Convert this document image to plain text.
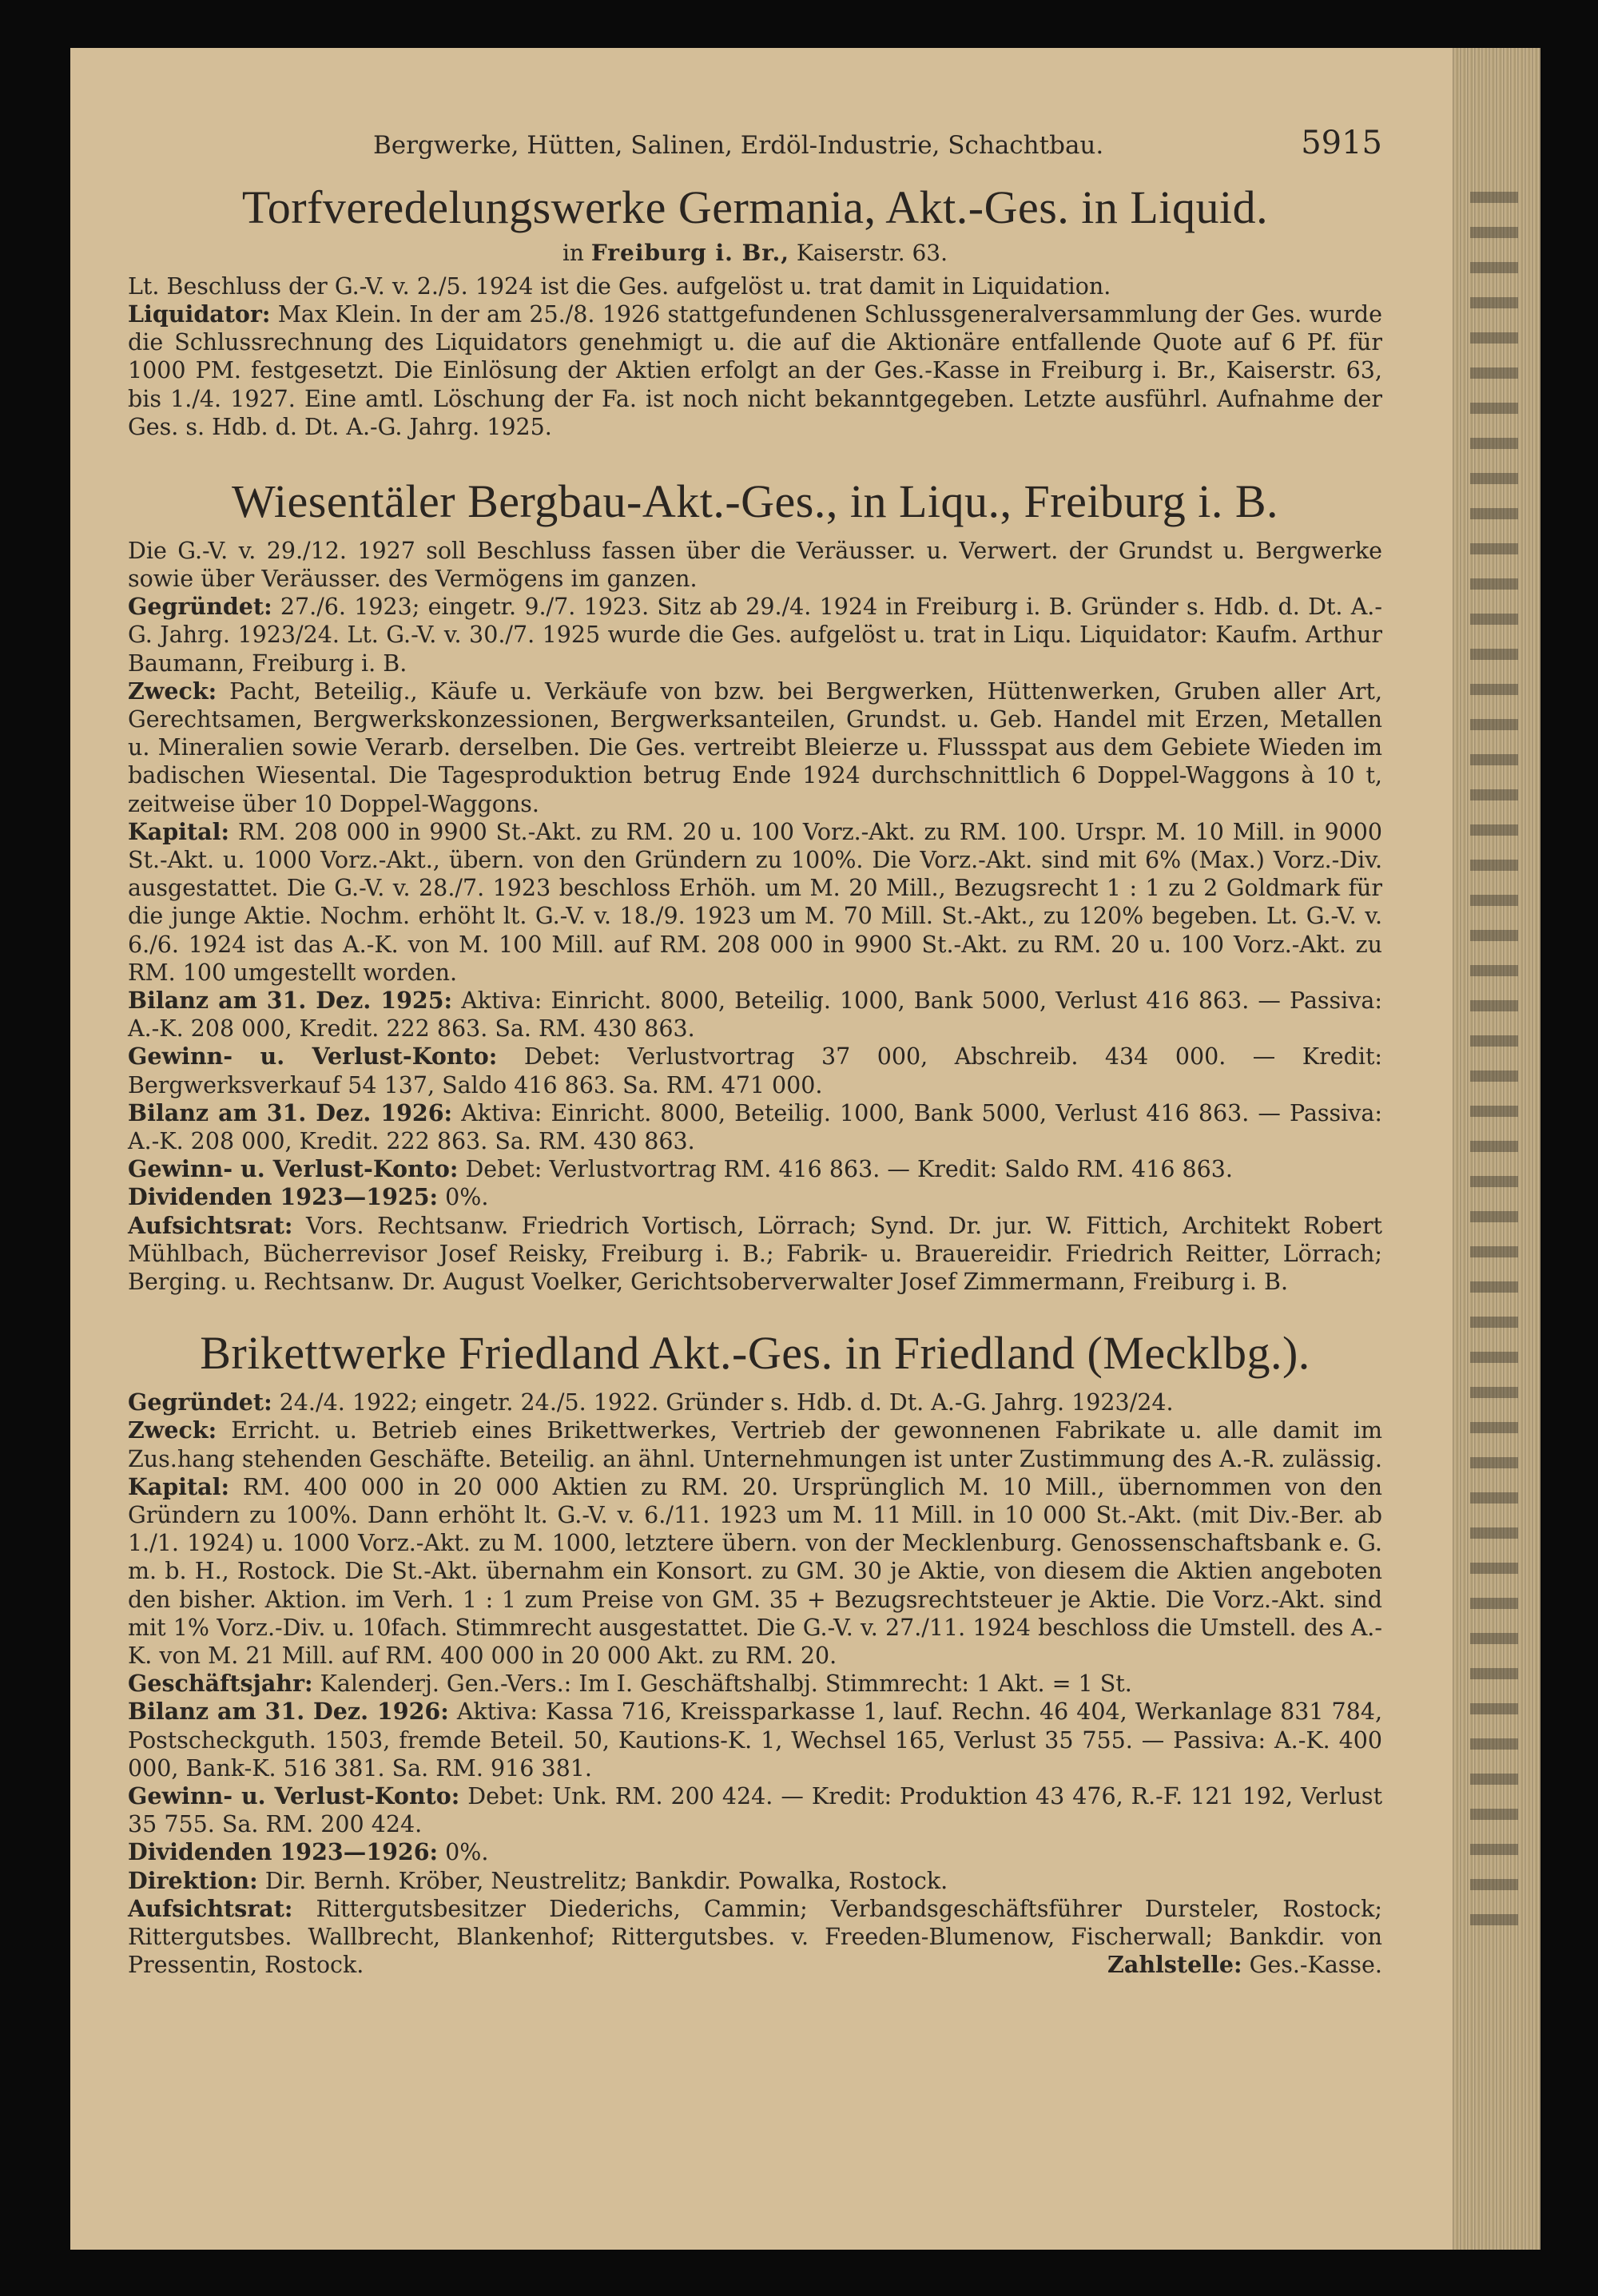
Bergwerke, Hütten, Salinen, Erdöl-Industrie, Schachtbau.	5915
Torfveredelungswerke Germania, Akt.-Ges. in Liquid.
in Freiburg i. Br., Kaiserstr. 63.

Lt. Beschluss der G.-V. v. 2./5. 1924 ist die Ges. aufgelöst u. trat damit in Liquidation.

Liquidator: Max Klein. In der am 25./8. 1926 stattgefundenen Schlussgeneralversammlung der Ges. wurde die Schlussrechnung des Liquidators genehmigt u. die auf die Aktionäre entfallende Quote auf 6 Pf. für 1000 PM. festgesetzt. Die Einlösung der Aktien erfolgt an der Ges.-Kasse in Freiburg i. Br., Kaiserstr. 63, bis 1./4. 1927. Eine amtl. Löschung der Fa. ist noch nicht bekanntgegeben. Letzte ausführl. Aufnahme der Ges. s. Hdb. d. Dt. A.-G. Jahrg. 1925.

Wiesentäler Bergbau-Akt.-Ges., in Liqu., Freiburg i. B.

Die G.-V. v. 29./12. 1927 soll Beschluss fassen über die Veräusser. u. Verwert. der Grundst u. Bergwerke sowie über Veräusser. des Vermögens im ganzen.

Gegründet: 27./6. 1923; eingetr. 9./7. 1923. Sitz ab 29./4. 1924 in Freiburg i. B. Gründer s. Hdb. d. Dt. A.-G. Jahrg. 1923/24. Lt. G.-V. v. 30./7. 1925 wurde die Ges. aufgelöst u. trat in Liqu. Liquidator: Kaufm. Arthur Baumann, Freiburg i. B.

Zweck: Pacht, Beteilig., Käufe u. Verkäufe von bzw. bei Bergwerken, Hüttenwerken, Gruben aller Art, Gerechtsamen, Bergwerkskonzessionen, Bergwerksanteilen, Grundst. u. Geb. Handel mit Erzen, Metallen u. Mineralien sowie Verarb. derselben. Die Ges. vertreibt Bleierze u. Flussspat aus dem Gebiete Wieden im badischen Wiesental. Die Tagesproduktion betrug Ende 1924 durchschnittlich 6 Doppel-Waggons à 10 t, zeitweise über 10 Doppel-Waggons.

Kapital: RM. 208 000 in 9900 St.-Akt. zu RM. 20 u. 100 Vorz.-Akt. zu RM. 100. Urspr. M. 10 Mill. in 9000 St.-Akt. u. 1000 Vorz.-Akt., übern. von den Gründern zu 100%. Die Vorz.-Akt. sind mit 6% (Max.) Vorz.-Div. ausgestattet. Die G.-V. v. 28./7. 1923 beschloss Erhöh. um M. 20 Mill., Bezugsrecht 1 : 1 zu 2 Goldmark für die junge Aktie. Nochm. erhöht lt. G.-V. v. 18./9. 1923 um M. 70 Mill. St.-Akt., zu 120% begeben. Lt. G.-V. v. 6./6. 1924 ist das A.-K. von M. 100 Mill. auf RM. 208 000 in 9900 St.-Akt. zu RM. 20 u. 100 Vorz.-Akt. zu RM. 100 umgestellt worden.

Bilanz am 31. Dez. 1925: Aktiva: Einricht. 8000, Beteilig. 1000, Bank 5000, Verlust 416 863. — Passiva: A.-K. 208 000, Kredit. 222 863. Sa. RM. 430 863.

Gewinn- u. Verlust-Konto: Debet: Verlustvortrag 37 000, Abschreib. 434 000. — Kredit: Bergwerksverkauf 54 137, Saldo 416 863. Sa. RM. 471 000.

Bilanz am 31. Dez. 1926: Aktiva: Einricht. 8000, Beteilig. 1000, Bank 5000, Verlust 416 863. — Passiva: A.-K. 208 000, Kredit. 222 863. Sa. RM. 430 863.

Gewinn- u. Verlust-Konto: Debet: Verlustvortrag RM. 416 863. — Kredit: Saldo RM. 416 863.

Dividenden 1923—1925: 0%.

Aufsichtsrat: Vors. Rechtsanw. Friedrich Vortisch, Lörrach; Synd. Dr. jur. W. Fittich, Architekt Robert Mühlbach, Bücherrevisor Josef Reisky, Freiburg i. B.; Fabrik- u. Brauereidir. Friedrich Reitter, Lörrach; Berging. u. Rechtsanw. Dr. August Voelker, Gerichtsoberverwalter Josef Zimmermann, Freiburg i. B.

Brikettwerke Friedland Akt.-Ges. in Friedland (Mecklbg.).

Gegründet: 24./4. 1922; eingetr. 24./5. 1922. Gründer s. Hdb. d. Dt. A.-G. Jahrg. 1923/24.

Zweck: Erricht. u. Betrieb eines Brikettwerkes, Vertrieb der gewonnenen Fabrikate u. alle damit im Zus.hang stehenden Geschäfte. Beteilig. an ähnl. Unternehmungen ist unter Zustimmung des A.-R. zulässig.

Kapital: RM. 400 000 in 20 000 Aktien zu RM. 20. Ursprünglich M. 10 Mill., übernommen von den Gründern zu 100%. Dann erhöht lt. G.-V. v. 6./11. 1923 um M. 11 Mill. in 10 000 St.-Akt. (mit Div.-Ber. ab 1./1. 1924) u. 1000 Vorz.-Akt. zu M. 1000, letztere übern. von der Mecklenburg. Genossenschaftsbank e. G. m. b. H., Rostock. Die St.-Akt. übernahm ein Konsort. zu GM. 30 je Aktie, von diesem die Aktien angeboten den bisher. Aktion. im Verh. 1 : 1 zum Preise von GM. 35 + Bezugsrechtsteuer je Aktie. Die Vorz.-Akt. sind mit 1% Vorz.-Div. u. 10fach. Stimmrecht ausgestattet. Die G.-V. v. 27./11. 1924 beschloss die Umstell. des A.-K. von M. 21 Mill. auf RM. 400 000 in 20 000 Akt. zu RM. 20.

Geschäftsjahr: Kalenderj. Gen.-Vers.: Im I. Geschäftshalbj. Stimmrecht: 1 Akt. = 1 St.

Bilanz am 31. Dez. 1926: Aktiva: Kassa 716, Kreissparkasse 1, lauf. Rechn. 46 404, Werkanlage 831 784, Postscheckguth. 1503, fremde Beteil. 50, Kautions-K. 1, Wechsel 165, Verlust 35 755. — Passiva: A.-K. 400 000, Bank-K. 516 381. Sa. RM. 916 381.

Gewinn- u. Verlust-Konto: Debet: Unk. RM. 200 424. — Kredit: Produktion 43 476, R.-F. 121 192, Verlust 35 755. Sa. RM. 200 424.

Dividenden 1923—1926: 0%.

Direktion: Dir. Bernh. Kröber, Neustrelitz; Bankdir. Powalka, Rostock.

Aufsichtsrat: Rittergutsbesitzer Diederichs, Cammin; Verbandsgeschäftsführer Dursteler, Rostock; Rittergutsbes. Wallbrecht, Blankenhof; Rittergutsbes. v. Freeden-Blumenow, Fischerwall; Bankdir. von Pressentin, Rostock.	Zahlstelle: Ges.-Kasse.
